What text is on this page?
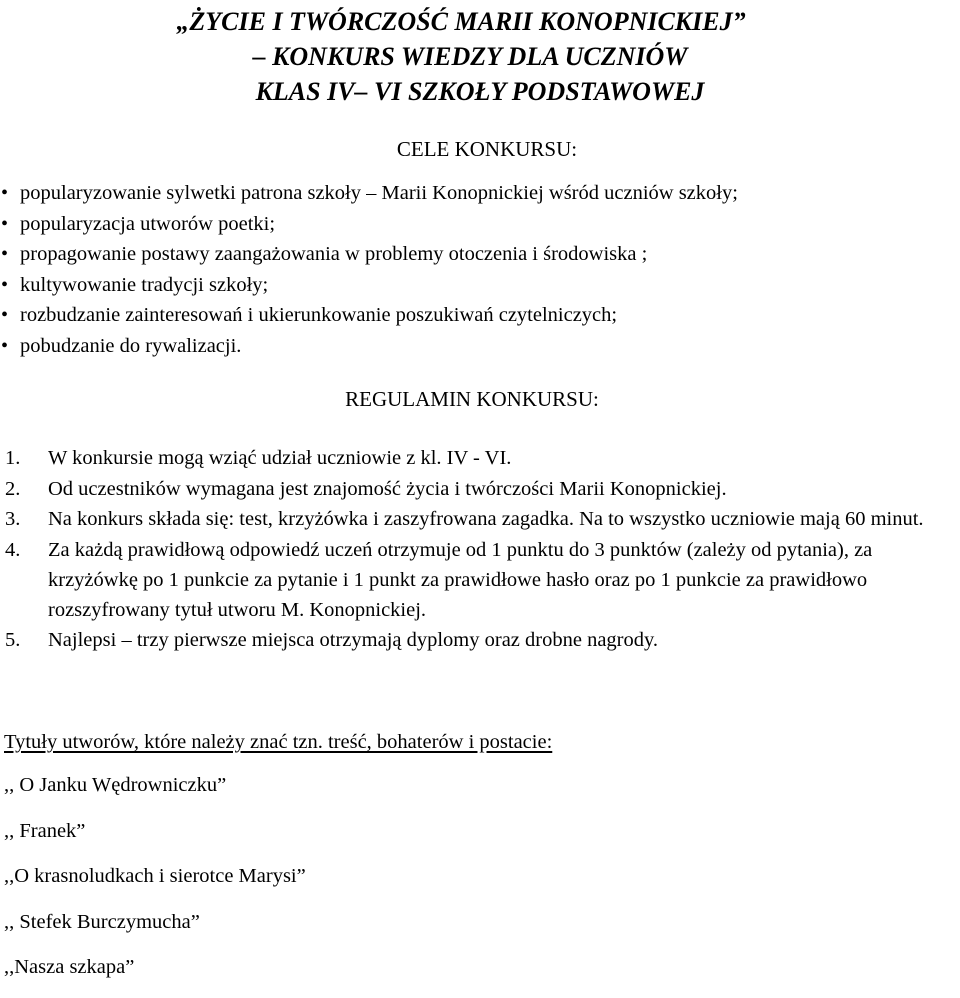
„ŻYCIE I TWÓRCZOŚĆ MARII KONOPNICKIEJ”
– KONKURS WIEDZY DLA UCZNIÓW
KLAS IV– VI SZKOŁY PODSTAWOWEJ
CELE KONKURSU:
• popularyzowanie sylwetki patrona szkoły – Marii Konopnickiej wśród uczniów szkoły;
• popularyzacja utworów poetki;
• propagowanie postawy zaangażowania w problemy otoczenia i środowiska ;
• kultywowanie tradycji szkoły;
• rozbudzanie zainteresowań i ukierunkowanie poszukiwań czytelniczych;
• pobudzanie do rywalizacji.
REGULAMIN KONKURSU:
1. W konkursie mogą wziąć udział uczniowie z kl. IV - VI.
2. Od uczestników wymagana jest znajomość życia i twórczości Marii Konopnickiej.
3. Na konkurs składa się: test, krzyżówka i zaszyfrowana zagadka. Na to wszystko uczniowie mają 60 minut.
4. Za każdą prawidłową odpowiedź uczeń otrzymuje od 1 punktu do 3 punktów (zależy od pytania), za krzyżówkę po 1 punkcie za pytanie i 1 punkt za prawidłowe hasło oraz po 1 punkcie za prawidłowo rozszyfrowany tytuł utworu M. Konopnickiej.
5. Najlepsi – trzy pierwsze miejsca otrzymają dyplomy oraz drobne nagrody.

Tytuły utworów, które należy znać tzn. treść, bohaterów i postacie:

,, O Janku Wędrowniczku”
,, Franek”
,,O krasnoludkach i sierotce Marysi”
,, Stefek Burczymucha”
,,Nasza szkapa”
